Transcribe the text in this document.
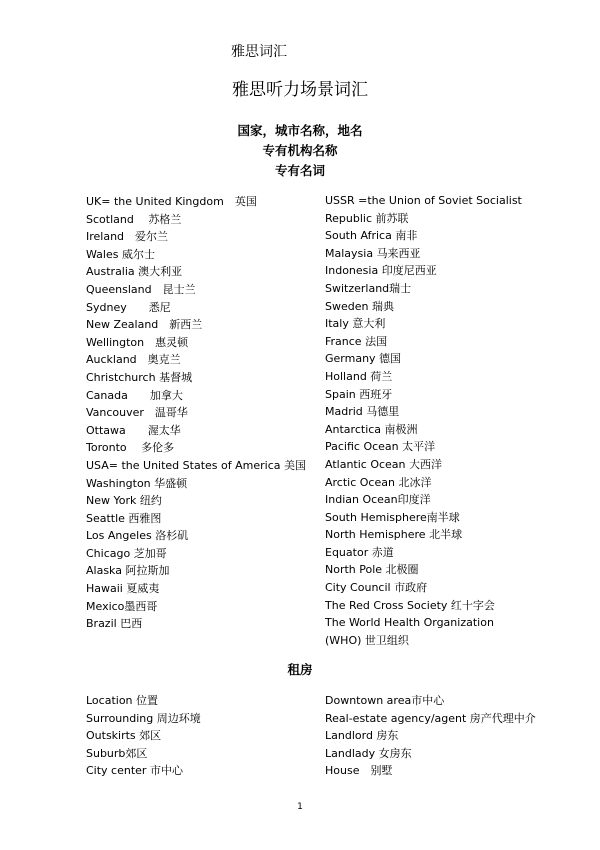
雅思词汇
雅思听力场景词汇
国家，城市名称，地名
专有机构名称
专有名词
UK= the United Kingdom　英国
Scotland　 苏格兰
Ireland　爱尔兰
Wales 威尔士
Australia 澳大利亚
Queensland　昆士兰
Sydney　　悉尼
New Zealand　新西兰
Wellington　惠灵顿
Auckland　奥克兰
Christchurch 基督城
Canada　　加拿大
Vancouver　温哥华
Ottawa　　渥太华
Toronto　 多伦多
USA= the United States of America 美国
Washington 华盛顿
New York 纽约
Seattle 西雅图
Los Angeles 洛杉矶
Chicago 芝加哥
Alaska 阿拉斯加
Hawaii 夏威夷
Mexico墨西哥
Brazil 巴西
USSR =the Union of Soviet Socialist Republic 前苏联
South Africa 南非
Malaysia 马来西亚
Indonesia 印度尼西亚
Switzerland瑞士
Sweden 瑞典
Italy 意大利
France 法国
Germany 德国
Holland 荷兰
Spain 西班牙
Madrid 马德里
Antarctica 南极洲
Pacific Ocean 太平洋
Atlantic Ocean 大西洋
Arctic Ocean 北冰洋
Indian Ocean印度洋
South Hemisphere南半球
North Hemisphere 北半球
Equator 赤道
North Pole 北极圈
City Council 市政府
The Red Cross Society 红十字会
The World Health Organization (WHO) 世卫组织
租房
Location 位置
Surrounding 周边环境
Outskirts 郊区
Suburb郊区
City center 市中心
Downtown area市中心
Real-estate agency/agent 房产代理中介
Landlord 房东
Landlady 女房东
House　别墅
1
